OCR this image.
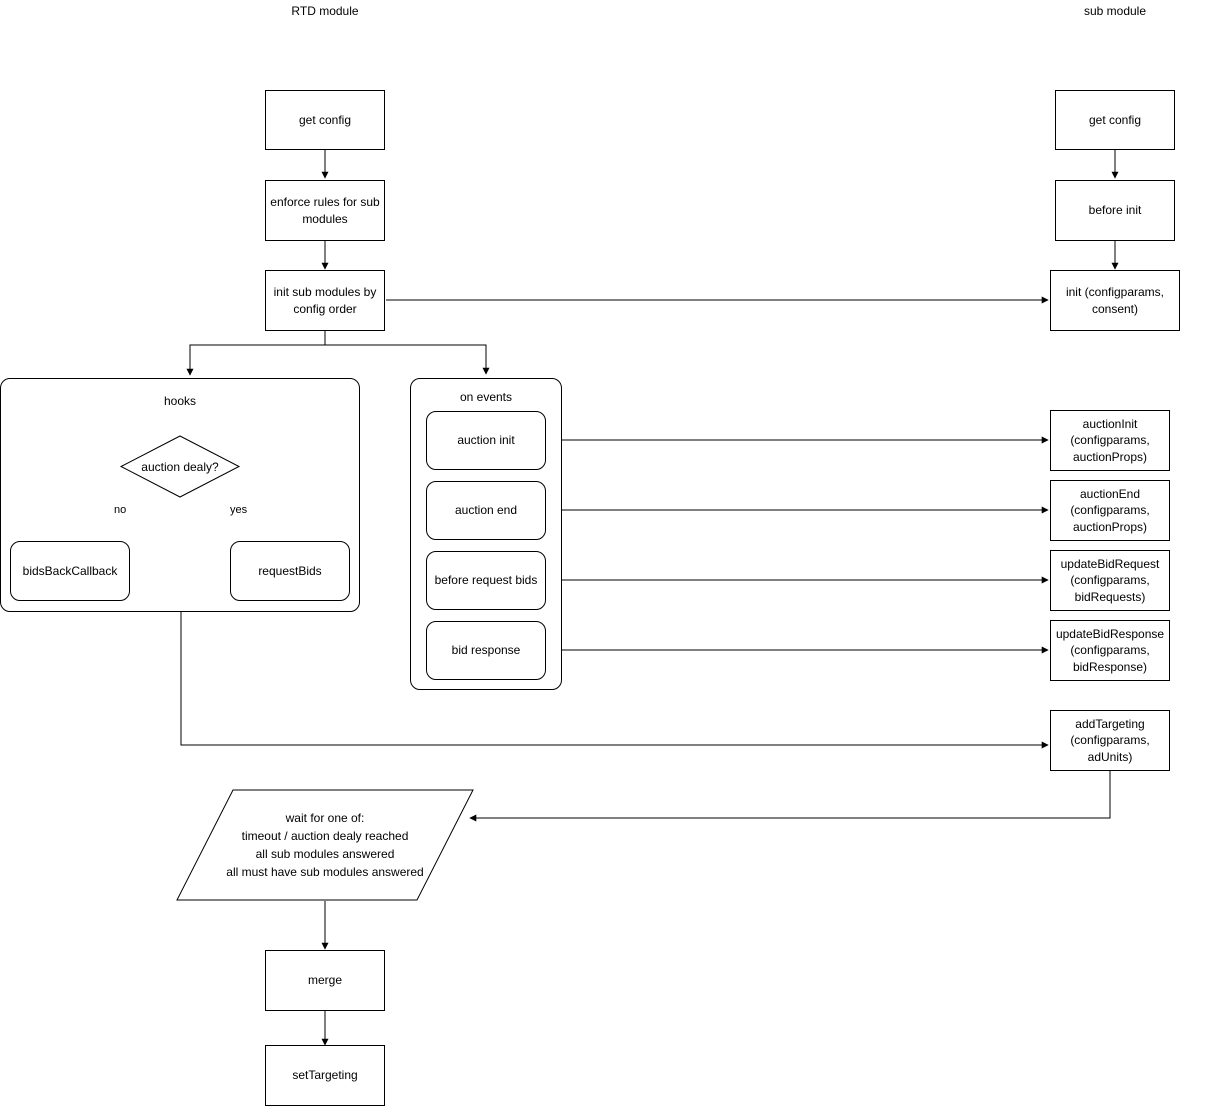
RTD module	sub module
get config
enforce rules for sub modules
init sub modules by config order
hooks
auction dealy?
no	yes
bidsBackCallback	requestBids
on events
auction init
auction end
before request bids
bid response
wait for one of:
timeout / auction dealy reached
all sub modules answered
all must have sub modules answered
merge
setTargeting
get config
before init
init (configparams, consent)
auctionInit (configparams, auctionProps)
auctionEnd (configparams, auctionProps)
updateBidRequest (configparams, bidRequests)
updateBidResponse (configparams, bidResponse)
addTargeting (configparams, adUnits)
